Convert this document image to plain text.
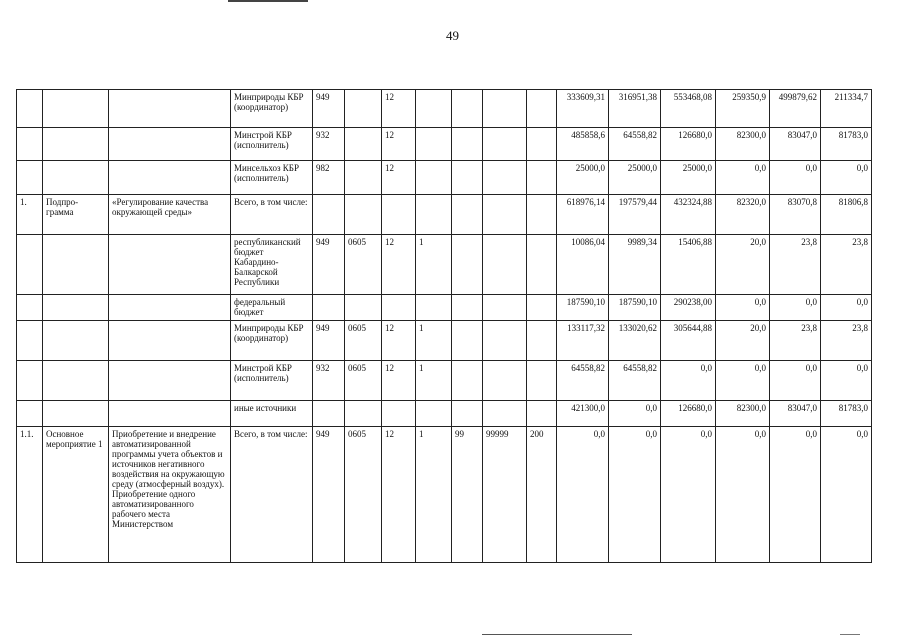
49
			Минприроды КБР (координатор)	949		12					333609,31	316951,38	553468,08	259350,9	499879,62	211334,7
			Минстрой КБР (исполнитель)	932		12					485858,6	64558,82	126680,0	82300,0	83047,0	81783,0
			Минсельхоз КБР (исполнитель)	982		12					25000,0	25000,0	25000,0	0,0	0,0	0,0
1.	Подпро-грамма	«Регулирование качества окружающей среды»	Всего, в том числе:								618976,14	197579,44	432324,88	82320,0	83070,8	81806,8
			республиканский бюджет Кабардино-Балкарской Республики	949	0605	12	1				10086,04	9989,34	15406,88	20,0	23,8	23,8
			федеральный бюджет								187590,10	187590,10	290238,00	0,0	0,0	0,0
			Минприроды КБР (координатор)	949	0605	12	1				133117,32	133020,62	305644,88	20,0	23,8	23,8
			Минстрой КБР (исполнитель)	932	0605	12	1				64558,82	64558,82	0,0	0,0	0,0	0,0
			иные источники								421300,0	0,0	126680,0	82300,0	83047,0	81783,0
1.1.	Основное мероприятие 1	Приобретение и внедрение автоматизированной программы учета объектов и источников негативного воздействия на окружающую среду (атмосферный воздух). Приобретение одного автоматизированного рабочего места Министерством	Всего, в том числе:	949	0605	12	1	99	99999	200	0,0	0,0	0,0	0,0	0,0	0,0
